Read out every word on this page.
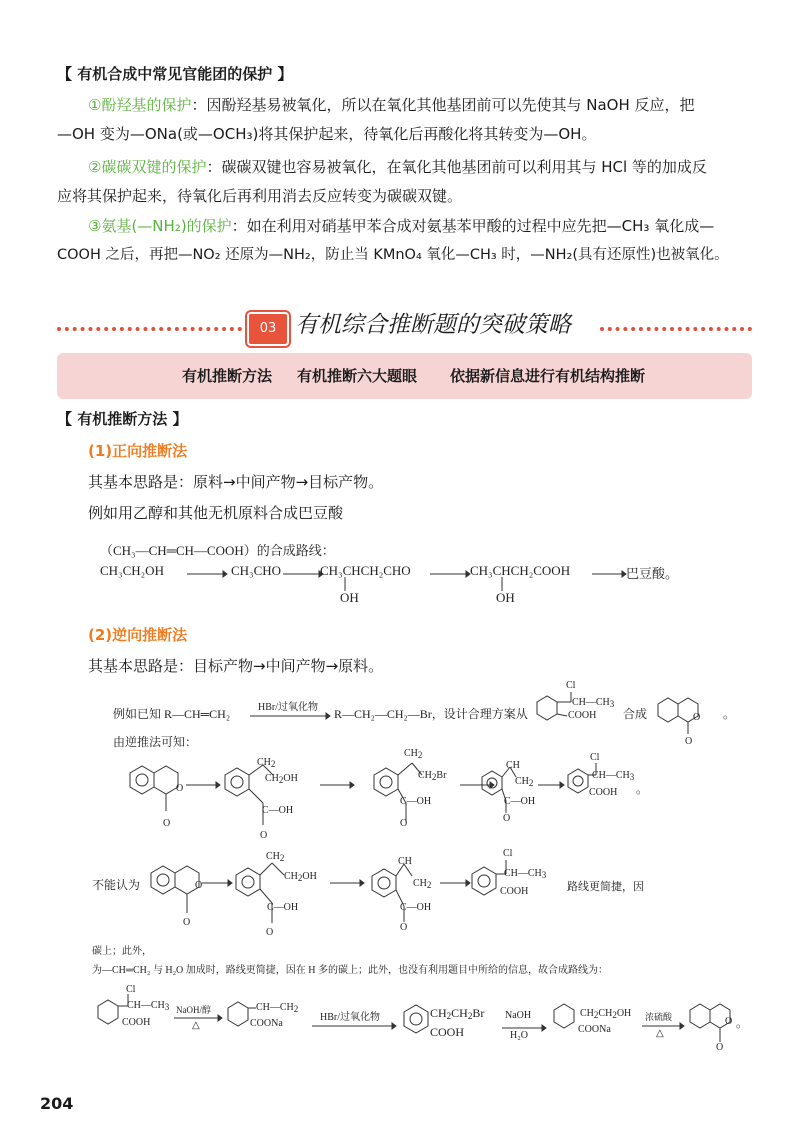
【 有机合成中常见官能团的保护 】
①酚羟基的保护：因酚羟基易被氧化，所以在氧化其他基团前可以先使其与 NaOH 反应，把
—OH 变为—ONa(或—OCH₃)将其保护起来，待氧化后再酸化将其转变为—OH。
②碳碳双键的保护：碳碳双键也容易被氧化，在氧化其他基团前可以利用其与 HCl 等的加成反
应将其保护起来，待氧化后再利用消去反应转变为碳碳双键。
③氨基(—NH₂)的保护：如在利用对硝基甲苯合成对氨基苯甲酸的过程中应先把—CH₃ 氧化成—
COOH 之后，再把—NO₂ 还原为—NH₂，防止当 KMnO₄ 氧化—CH₃ 时，—NH₂(具有还原性)也被氧化。
03 有机综合推断题的突破策略
有机推断方法 有机推断六大题眼 依据新信息进行有机结构推断
【 有机推断方法 】
(1)正向推断法
其基本思路是：原料→中间产物→目标产物。
例如用乙醇和其他无机原料合成巴豆酸
（CH₃—CH═CH—COOH）的合成路线：
CH₃CH₂OH	CH₃CHO	CH₃CHCH₂CHO
OH
CH₃CHCH₂COOH
OH
巴豆酸。
(2)逆向推断法
其基本思路是：目标产物→中间产物→原料。
例如已知 R—CH═CH₂	HBr/过氧化物 R—CH₂—CH₂—Br，设计合理方案从
Cl
$CH—CH_3$
COOH 合成	O
O
。
由逆推法可知：
O
O
$CH_2$
$CH_2OH$
C—OH
O
$CH_2$
$CH_2Br$
C—OH
O
CH
$CH_2$
C—OH
O
Cl
$CH—CH_3$
COOH 。
不能认为	O
O
$CH_2$
$CH_2OH$
C—OH
O
CH
$CH_2$
C—OH
O
Cl
$CH—CH_3$
COOH	路线更简捷，因
碳上；此外，
为—CH═CH₂ 与 H₂O 加成时，路线更简捷，因在 H 多的碳上；此外，也没有利用题目中所给的信息，故合成路线为：
Cl
$CH—CH_3$
COOH
NaOH/醇
△
$CH—CH_2$
COONa
HBr/过氧化物	$CH_2CH_2Br$
COOH
NaOH
H₂O
$CH_2CH_2OH$
COONa
浓硫酸
△
O
O
。
204
